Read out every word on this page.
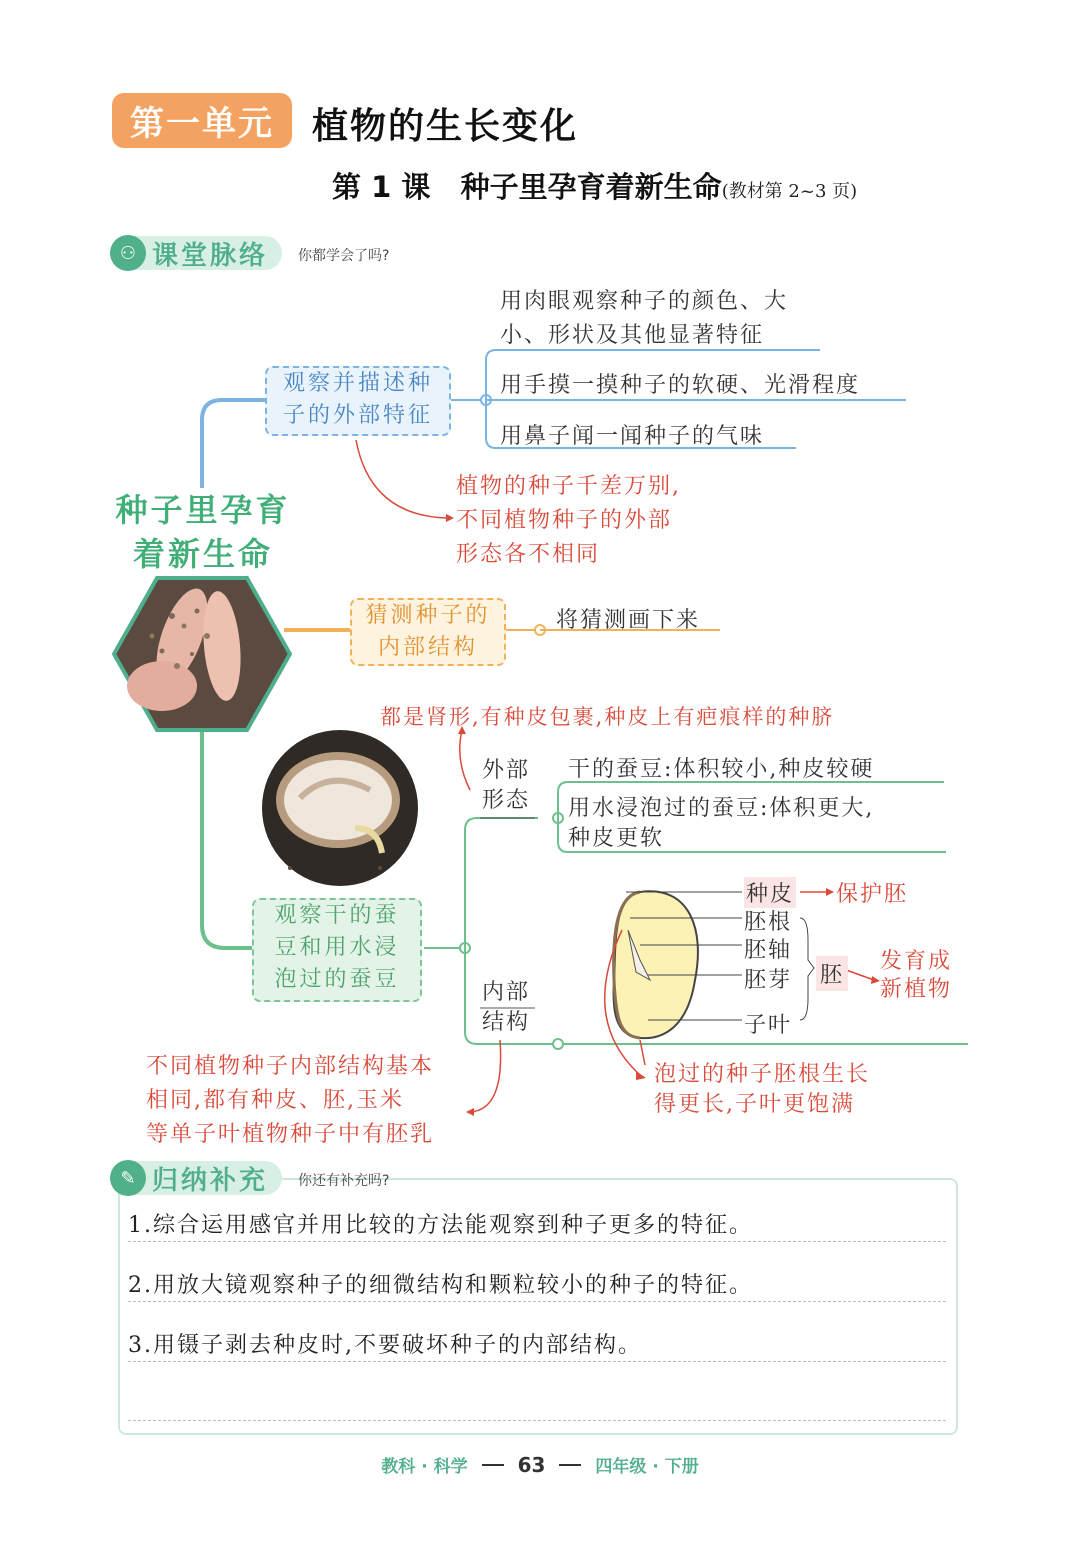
第一单元	植物的生长变化
第 1 课 种子里孕育着新生命(教材第 2~3 页)
⚇ 课堂脉络 你都学会了吗?
种子里孕育
着新生命
观察并描述种
子的外部特征
用肉眼观察种子的颜色、大
小、形状及其他显著特征
用手摸一摸种子的软硬、光滑程度
用鼻子闻一闻种子的气味
植物的种子千差万别,
不同植物种子的外部
形态各不相同
猜测种子的
内部结构
将猜测画下来
都是肾形,有种皮包裹,种皮上有疤痕样的种脐
观察干的蚕
豆和用水浸
泡过的蚕豆
外部
形态
干的蚕豆:体积较小,种皮较硬
用水浸泡过的蚕豆:体积更大,
种皮更软
内部
结构
种皮
胚根
胚轴
胚芽
子叶
保护胚
胚
发育成
新植物
泡过的种子胚根生长
得更长,子叶更饱满
不同植物种子内部结构基本
相同,都有种皮、胚,玉米
等单子叶植物种子中有胚乳
✎ 归纳补充 你还有补充吗?
1.综合运用感官并用比较的方法能观察到种子更多的特征。
2.用放大镜观察种子的细微结构和颗粒较小的种子的特征。
3.用镊子剥去种皮时,不要破坏种子的内部结构。
教科 · 科学	63	四年级 · 下册
